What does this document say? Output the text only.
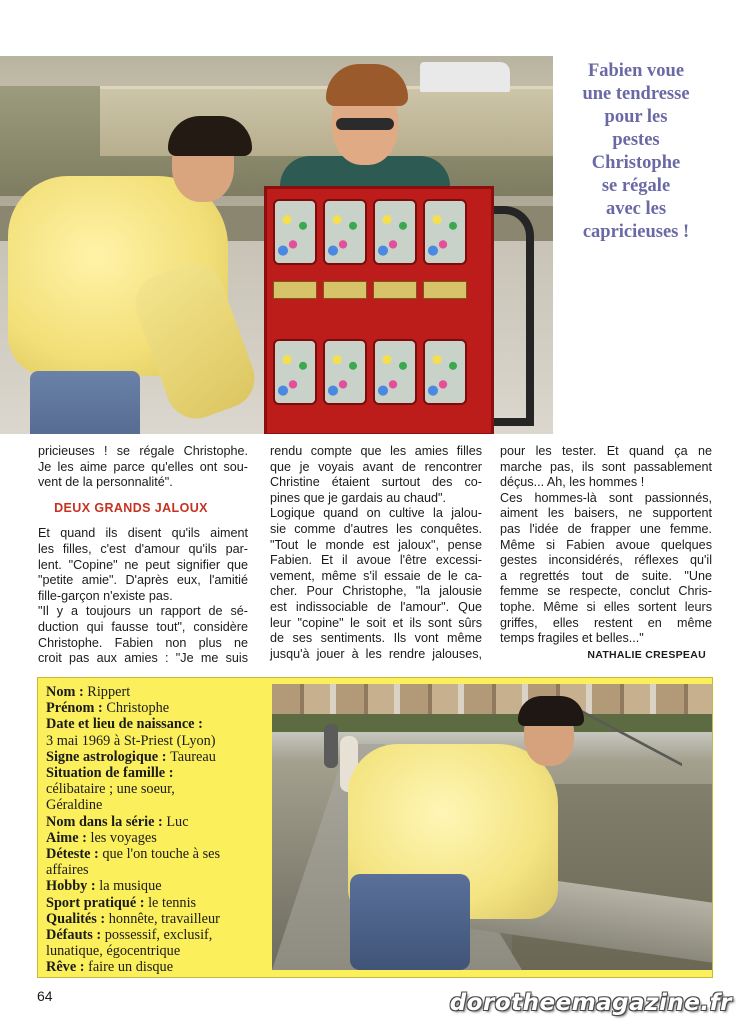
Fabien voue
une tendresse
pour les
pestes
Christophe
se régale
avec les
capricieuses !
pricieuses ! se régale Christophe.
Je les aime parce qu'elles ont sou-
vent de la personnalité".
DEUX GRANDS JALOUX
Et quand ils disent qu'ils aiment
les filles, c'est d'amour qu'ils par-
lent. "Copine" ne peut signifier que
"petite amie". D'après eux, l'amitié
fille-garçon n'existe pas.
"Il y a toujours un rapport de sé-
duction qui fausse tout", considère
Christophe. Fabien non plus ne
croit pas aux amies : "Je me suis
rendu compte que les amies filles
que je voyais avant de rencontrer
Christine étaient surtout des co-
pines que je gardais au chaud".
Logique quand on cultive la jalou-
sie comme d'autres les conquêtes.
"Tout le monde est jaloux", pense
Fabien. Et il avoue l'être excessi-
vement, même s'il essaie de le ca-
cher. Pour Christophe, "la jalousie
est indissociable de l'amour". Que
leur "copine" le soit et ils sont sûrs
de ses sentiments. Ils vont même
jusqu'à jouer à les rendre jalouses,
pour les tester. Et quand ça ne
marche pas, ils sont passablement
déçus... Ah, les hommes !
Ces hommes-là sont passionnés,
aiment les baisers, ne supportent
pas l'idée de frapper une femme.
Même si Fabien avoue quelques
gestes inconsidérés, réflexes qu'il
a regrettés tout de suite. "Une
femme se respecte, conclut Chris-
tophe. Même si elles sortent leurs
griffes, elles restent en même
temps fragiles et belles..."
NATHALIE CRESPEAU
Nom : Rippert
Prénom : Christophe
Date et lieu de naissance :
3 mai 1969 à St-Priest (Lyon)
Signe astrologique : Taureau
Situation de famille :
célibataire ; une soeur,
Géraldine
Nom dans la série : Luc
Aime : les voyages
Déteste : que l'on touche à ses
affaires
Hobby : la musique
Sport pratiqué : le tennis
Qualités : honnête, travailleur
Défauts : possessif, exclusif,
lunatique, égocentrique
Rêve : faire un disque
64	dorotheemagazine.fr
